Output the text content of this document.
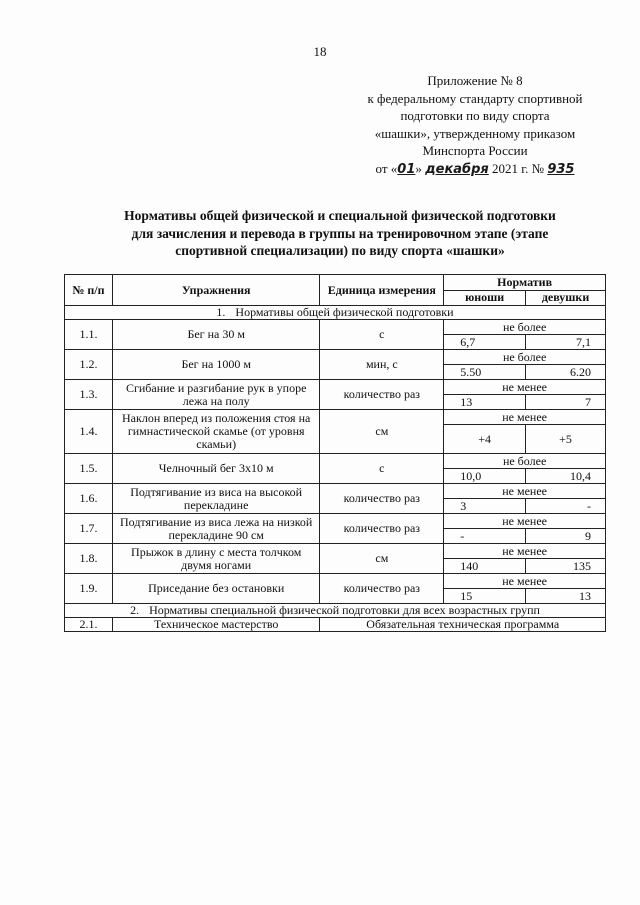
18
Приложение № 8
к федеральному стандарту спортивной
подготовки по виду спорта
«шашки», утвержденному приказом
Минспорта России
от «01» декабря 2021 г. № 935
Нормативы общей физической и специальной физической подготовки
для зачисления и перевода в группы на тренировочном этапе (этапе
спортивной специализации) по виду спорта «шашки»
№ п/п	Упражнения	Единица измерения	Норматив	
			юноши	девушки
1. Нормативы общей физической подготовки				
1.1.	Бег на 30 м	с	не более	
			6,7	7,1
1.2.	Бег на 1000 м	мин, с	не более	
			5.50	6.20
1.3.	Сгибание и разгибание рук в упоре лежа на полу	количество раз	не менее	
			13	7
1.4.	Наклон вперед из положения стоя на гимнастической скамье (от уровня скамьи)	см	не менее	
			+4	+5
1.5.	Челночный бег 3x10 м	с	не более	
			10,0	10,4
1.6.	Подтягивание из виса на высокой перекладине	количество раз	не менее	
			3	-
1.7.	Подтягивание из виса лежа на низкой перекладине 90 см	количество раз	не менее	
			-	9
1.8.	Прыжок в длину с места толчком двумя ногами	см	не менее	
			140	135
1.9.	Приседание без остановки	количество раз	не менее	
			15	13
2. Нормативы специальной физической подготовки для всех возрастных групп				
2.1.	Техническое мастерство	Обязательная техническая программа		
